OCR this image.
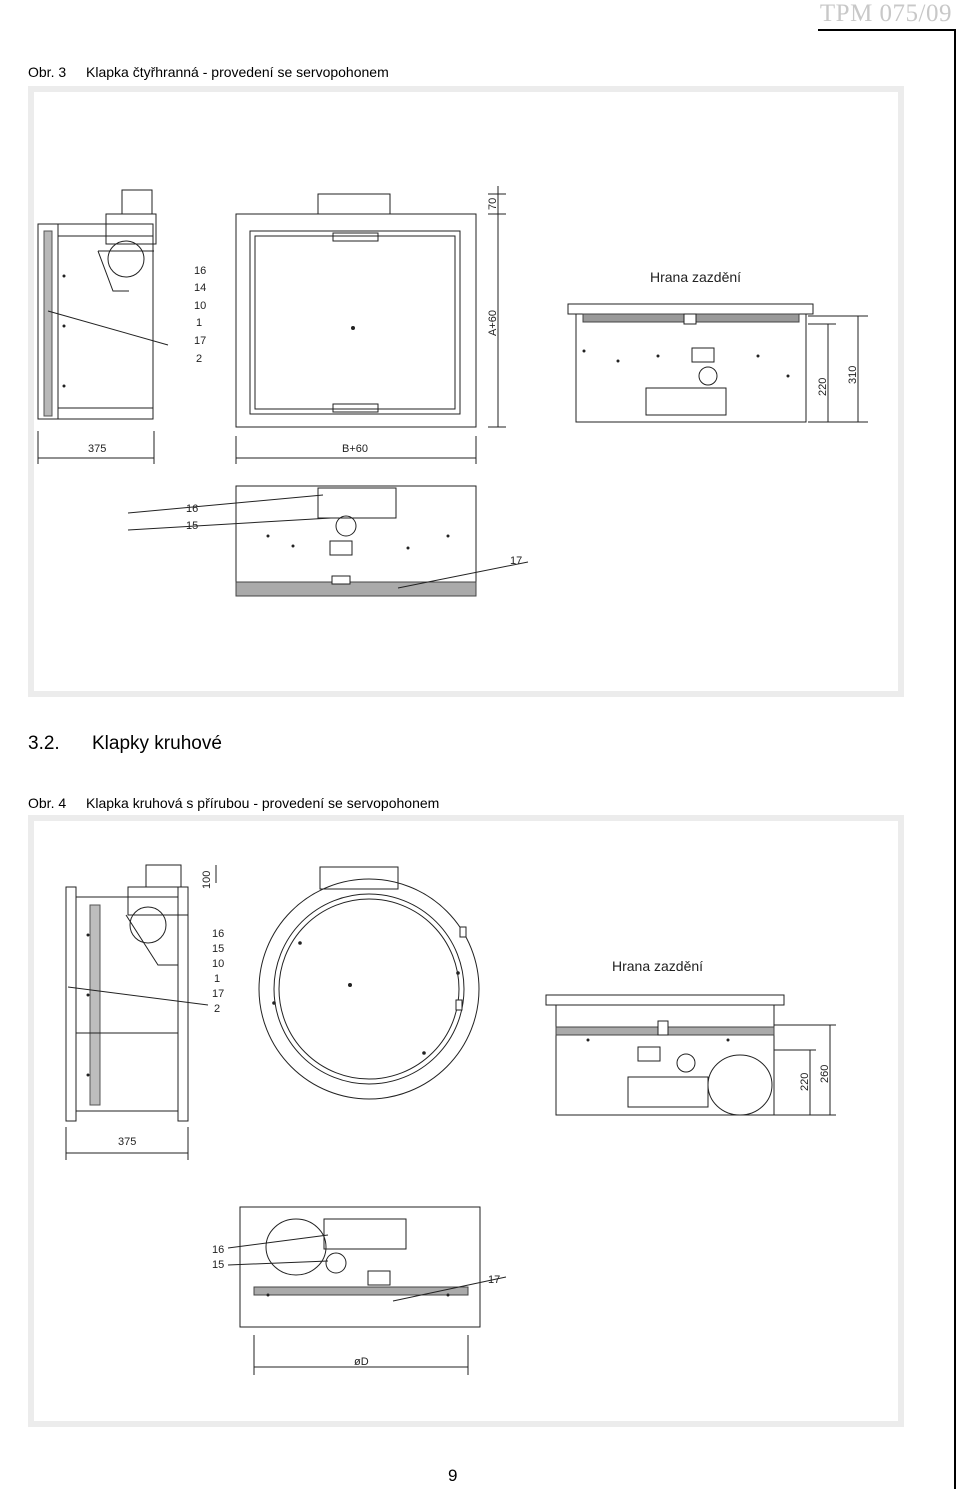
TPM 075/09
Obr. 3 Klapka čtyřhranná - provedení se servopohonem
16
14
10
1
17
2
16
15
17
375	B+60
A+60
70
220
310
Hrana zazdění
3.2. Klapky kruhové
Obr. 4 Klapka kruhová s přírubou - provedení se servopohonem
16
15
10
1
17
2
16
15
17
375
øD
100
220 260
Hrana zazdění
9
